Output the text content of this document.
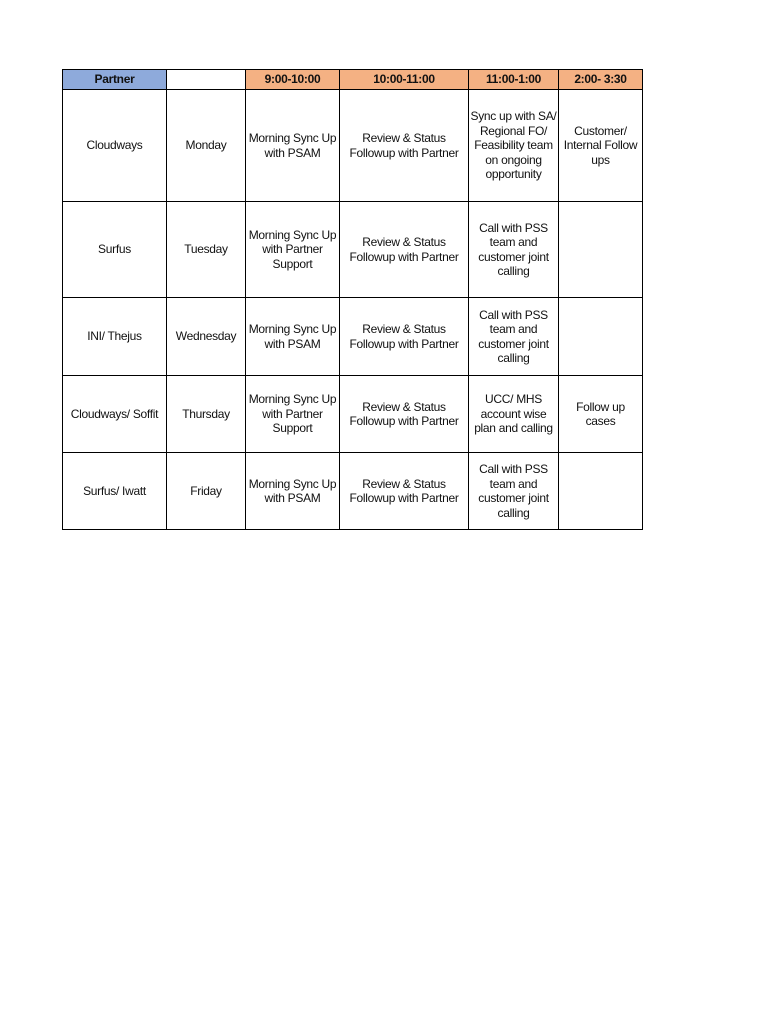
Partner		9:00-10:00	10:00-11:00	11:00-1:00	2:00- 3:30
Cloudways	Monday	Morning Sync Up with PSAM	Review & Status Followup with Partner	Sync up with SA/ Regional FO/ Feasibility team on ongoing opportunity	Customer/ Internal Follow ups
Surfus	Tuesday	Morning Sync Up with Partner Support	Review & Status Followup with Partner	Call with PSS team and customer joint calling	
INI/ Thejus	Wednesday	Morning Sync Up with PSAM	Review & Status Followup with Partner	Call with PSS team and customer joint calling	
Cloudways/ Soffit	Thursday	Morning Sync Up with Partner Support	Review & Status Followup with Partner	UCC/ MHS account wise plan and calling	Follow up cases
Surfus/ Iwatt	Friday	Morning Sync Up with PSAM	Review & Status Followup with Partner	Call with PSS team and customer joint calling	
